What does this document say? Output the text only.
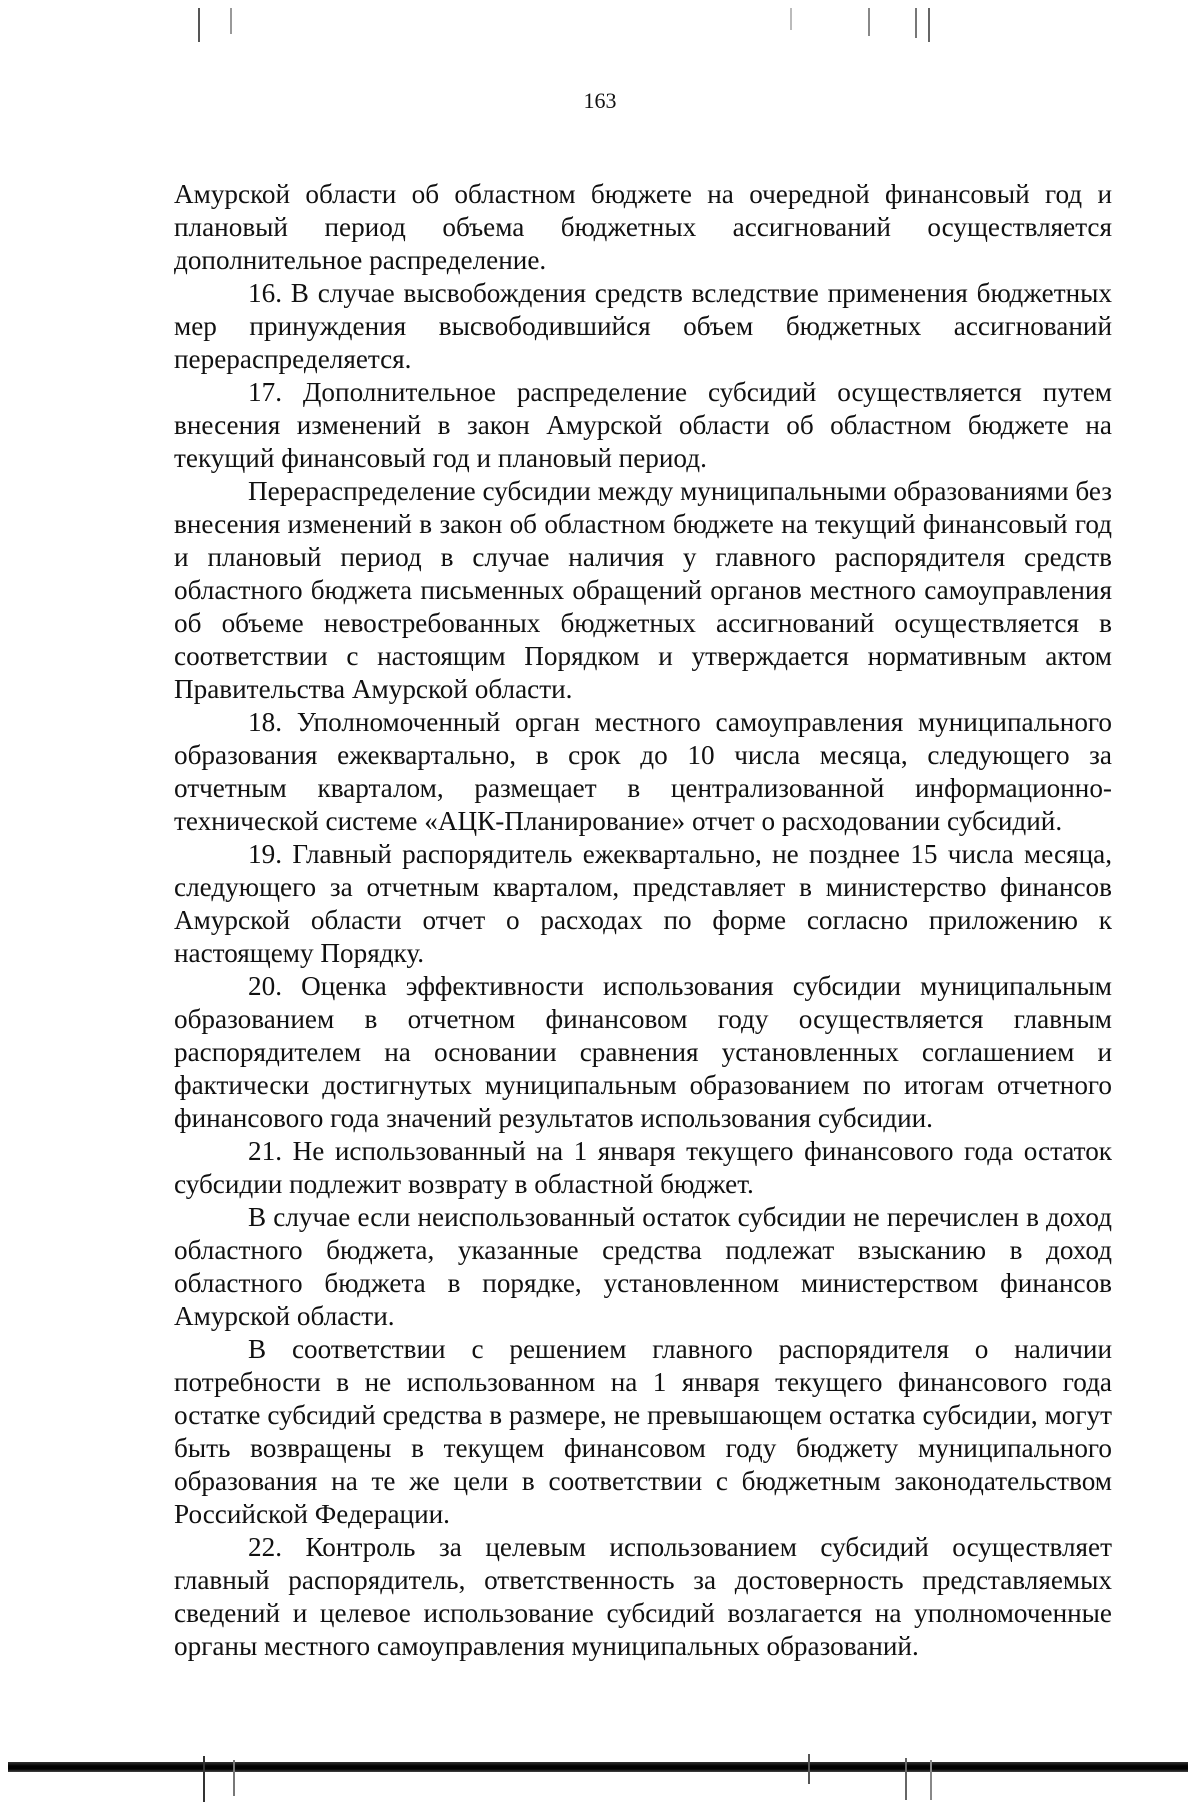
163

Амурской области об областном бюджете на очередной финансовый год и плановый период объема бюджетных ассигнований осуществляется дополнительное распределение.

16. В случае высвобождения средств вследствие применения бюджетных мер принуждения высвободившийся объем бюджетных ассигнований перераспределяется.

17. Дополнительное распределение субсидий осуществляется путем внесения изменений в закон Амурской области об областном бюджете на текущий финансовый год и плановый период.

Перераспределение субсидии между муниципальными образованиями без внесения изменений в закон об областном бюджете на текущий финансовый год и плановый период в случае наличия у главного распорядителя средств областного бюджета письменных обращений органов местного самоуправления об объеме невостребованных бюджетных ассигнований осуществляется в соответствии с настоящим Порядком и утверждается нормативным актом Правительства Амурской области.

18. Уполномоченный орган местного самоуправления муниципального образования ежеквартально, в срок до 10 числа месяца, следующего за отчетным кварталом, размещает в централизованной информационно-технической системе «АЦК-Планирование» отчет о расходовании субсидий.

19. Главный распорядитель ежеквартально, не позднее 15 числа месяца, следующего за отчетным кварталом, представляет в министерство финансов Амурской области отчет о расходах по форме согласно приложению к настоящему Порядку.

20. Оценка эффективности использования субсидии муниципальным образованием в отчетном финансовом году осуществляется главным распорядителем на основании сравнения установленных соглашением и фактически достигнутых муниципальным образованием по итогам отчетного финансового года значений результатов использования субсидии.

21. Не использованный на 1 января текущего финансового года остаток субсидии подлежит возврату в областной бюджет.

В случае если неиспользованный остаток субсидии не перечислен в доход областного бюджета, указанные средства подлежат взысканию в доход областного бюджета в порядке, установленном министерством финансов Амурской области.

В соответствии с решением главного распорядителя о наличии потребности в не использованном на 1 января текущего финансового года остатке субсидий средства в размере, не превышающем остатка субсидии, могут быть возвращены в текущем финансовом году бюджету муниципального образования на те же цели в соответствии с бюджетным законодательством Российской Федерации.

22. Контроль за целевым использованием субсидий осуществляет главный распорядитель, ответственность за достоверность представляемых сведений и целевое использование субсидий возлагается на уполномоченные органы местного самоуправления муниципальных образований.
